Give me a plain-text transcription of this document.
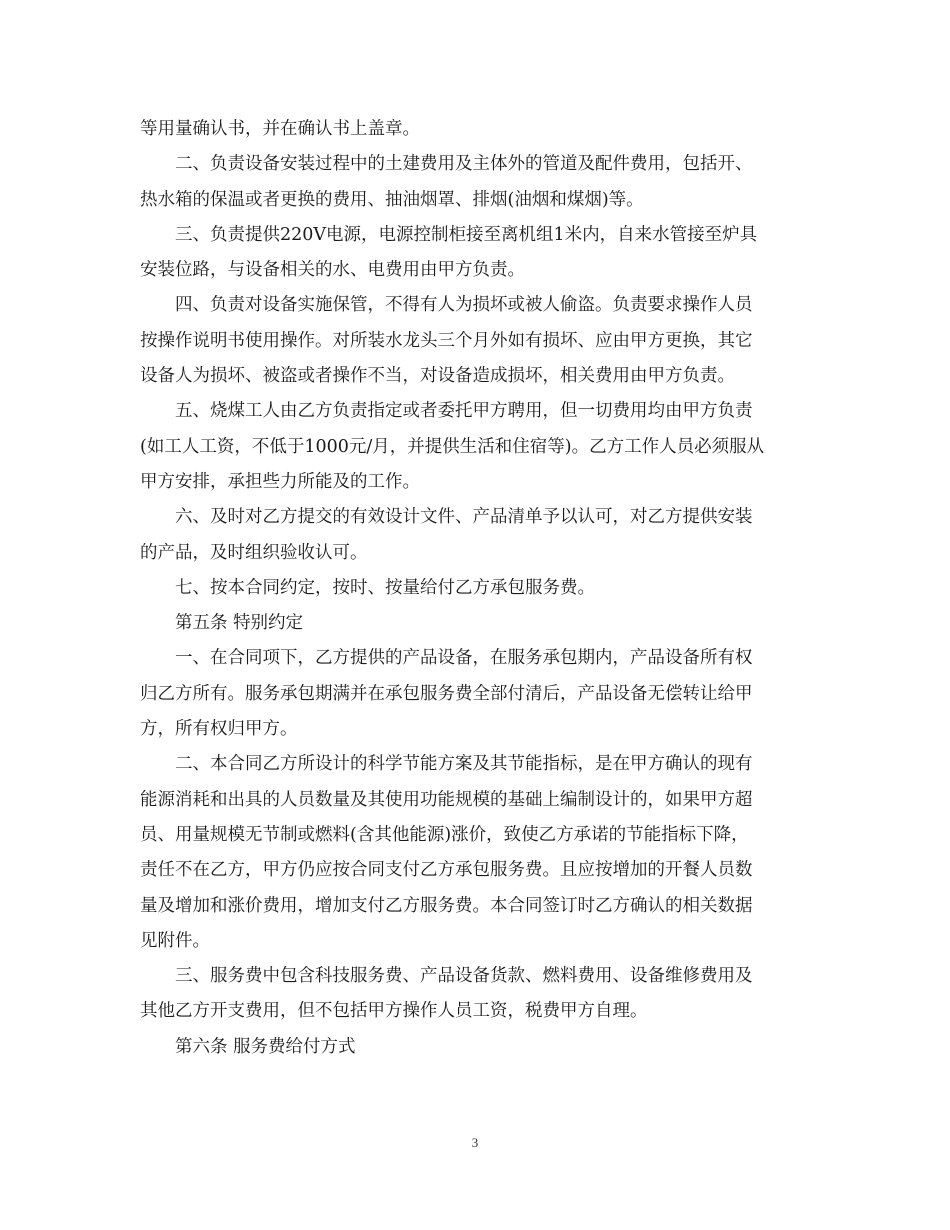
等用量确认书，并在确认书上盖章。
二、负责设备安装过程中的土建费用及主体外的管道及配件费用，包括开、
热水箱的保温或者更换的费用、抽油烟罩、排烟(油烟和煤烟)等。
三、负责提供220V电源，电源控制柜接至离机组1米内，自来水管接至炉具
安装位路，与设备相关的水、电费用由甲方负责。
四、负责对设备实施保管，不得有人为损坏或被人偷盗。负责要求操作人员
按操作说明书使用操作。对所装水龙头三个月外如有损坏、应由甲方更换，其它
设备人为损坏、被盗或者操作不当，对设备造成损坏，相关费用由甲方负责。
五、烧煤工人由乙方负责指定或者委托甲方聘用，但一切费用均由甲方负责
(如工人工资，不低于1000元/月，并提供生活和住宿等)。乙方工作人员必须服从
甲方安排，承担些力所能及的工作。
六、及时对乙方提交的有效设计文件、产品清单予以认可，对乙方提供安装
的产品，及时组织验收认可。
七、按本合同约定，按时、按量给付乙方承包服务费。
第五条 特别约定
一、在合同项下，乙方提供的产品设备，在服务承包期内，产品设备所有权
归乙方所有。服务承包期满并在承包服务费全部付清后，产品设备无偿转让给甲
方，所有权归甲方。
二、本合同乙方所设计的科学节能方案及其节能指标，是在甲方确认的现有
能源消耗和出具的人员数量及其使用功能规模的基础上编制设计的，如果甲方超
员、用量规模无节制或燃料(含其他能源)涨价，致使乙方承诺的节能指标下降，
责任不在乙方，甲方仍应按合同支付乙方承包服务费。且应按增加的开餐人员数
量及增加和涨价费用，增加支付乙方服务费。本合同签订时乙方确认的相关数据
见附件。
三、服务费中包含科技服务费、产品设备货款、燃料费用、设备维修费用及
其他乙方开支费用，但不包括甲方操作人员工资，税费甲方自理。
第六条 服务费给付方式
3
